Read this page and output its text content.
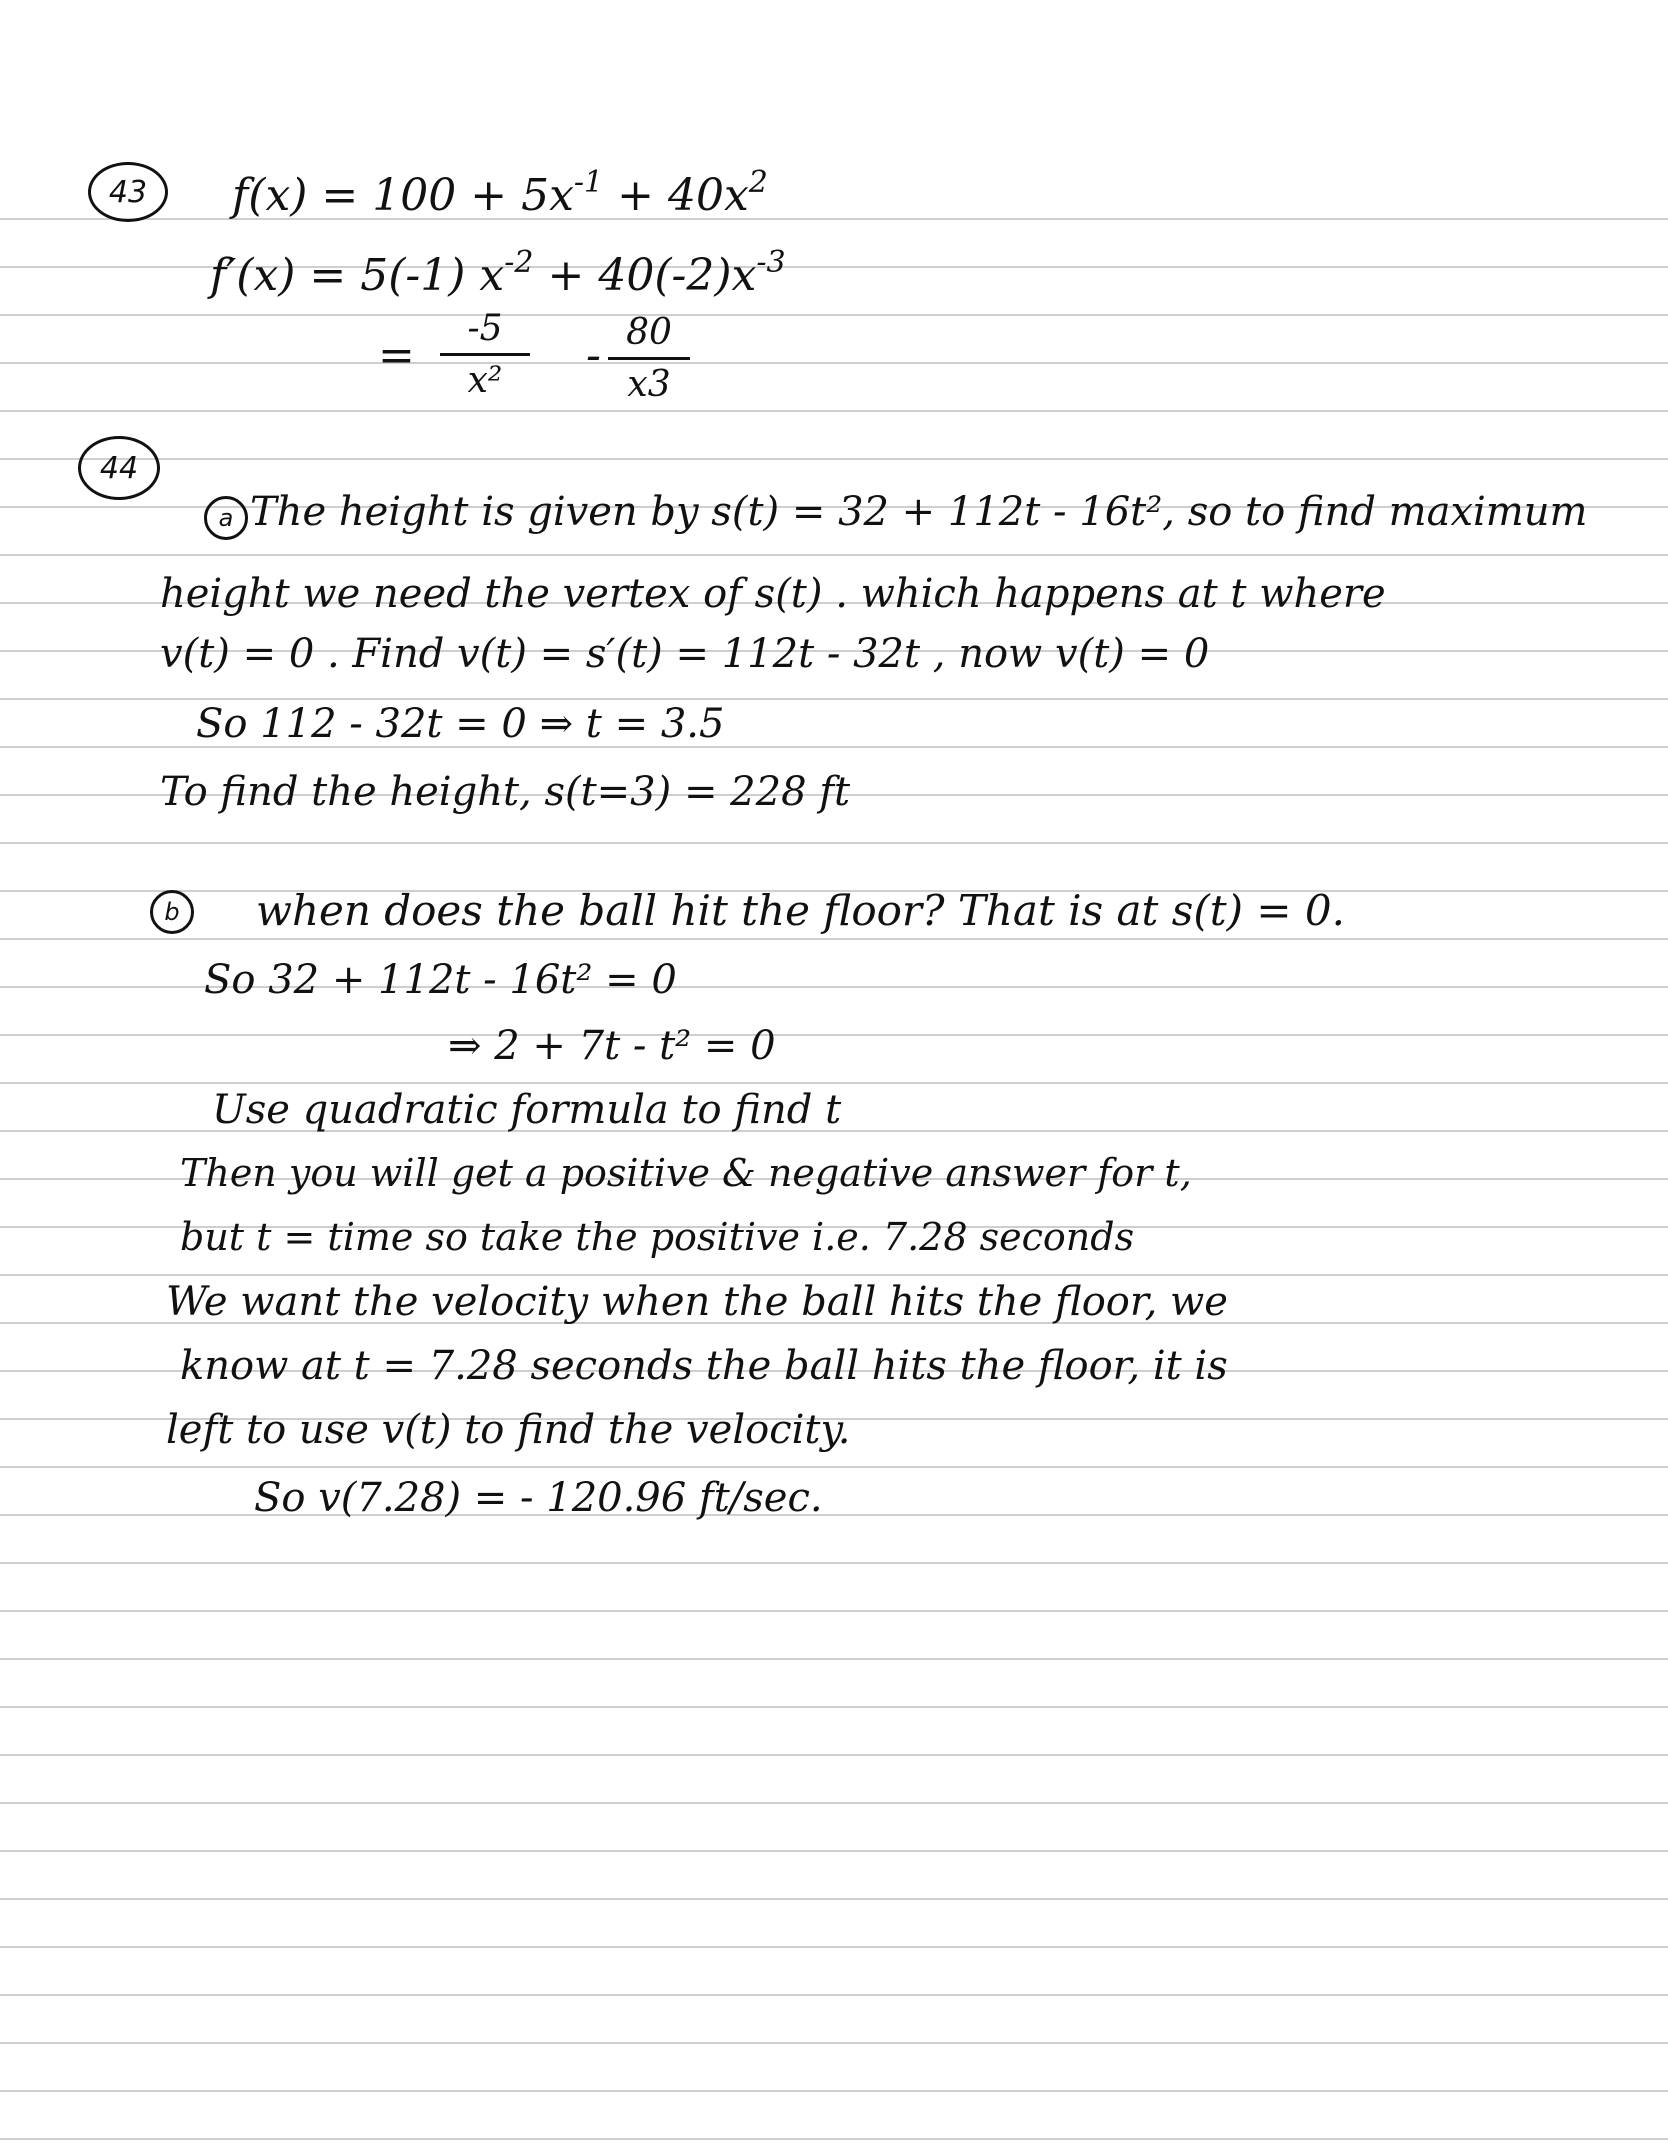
43 $f(x) = 100 + 5x^{-1} + 40x^2$
f′(x) = 5(-1) $x^{-2} + 40(-2)x^{-3}$
=
-5
x²	- 80
x3
44
a The height is given by s(t) = 32 + 112t - 16t², so to find maximum
height we need the vertex of s(t) . which happens at t where
v(t) = 0 . Find v(t) = s′(t) = 112t - 32t , now v(t) = 0
So 112 - 32t = 0 ⇒ t = 3.5
To find the height, s(t=3) = 228 ft
b when does the ball hit the floor? That is at s(t) = 0.
So 32 + 112t - 16t² = 0
⇒ 2 + 7t - t² = 0
Use quadratic formula to find t
Then you will get a positive & negative answer for t,
but t = time so take the positive i.e. 7.28 seconds
We want the velocity when the ball hits the floor, we
know at t = 7.28 seconds the ball hits the floor, it is
left to use v(t) to find the velocity.
So v(7.28) = - 120.96 ft/sec.
